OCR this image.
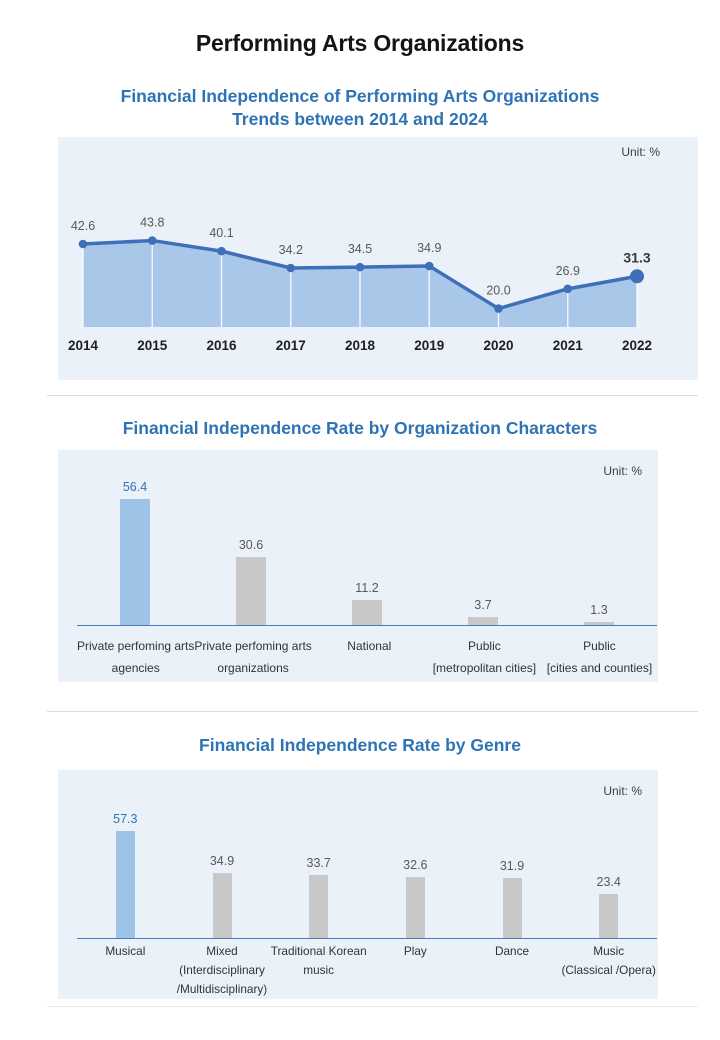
Performing Arts Organizations
Financial Independence of Performing Arts Organizations
Trends between 2014 and 2024
42.6	43.8
40.1
34.2	34.5	34.9
20.0
26.9
31.3
2014	2015	2016	2017	2018	2019	2020	2021	2022
Unit: %
Financial Independence Rate by Organization Characters
Unit: %
56.4
30.6
11.2
3.7	1.3
Private perfoming arts
agencies
Private perfoming arts
organizations
National	Public
[metropolitan cities]
Public
[cities and counties]
Financial Independence Rate by Genre
Unit: %
57.3
34.9	33.7	32.6	31.9
23.4
Musical	Mixed
(Interdisciplinary
/Multidisciplinary)
Traditional Korean
music
Play	Dance	Music
(Classical /Opera)
